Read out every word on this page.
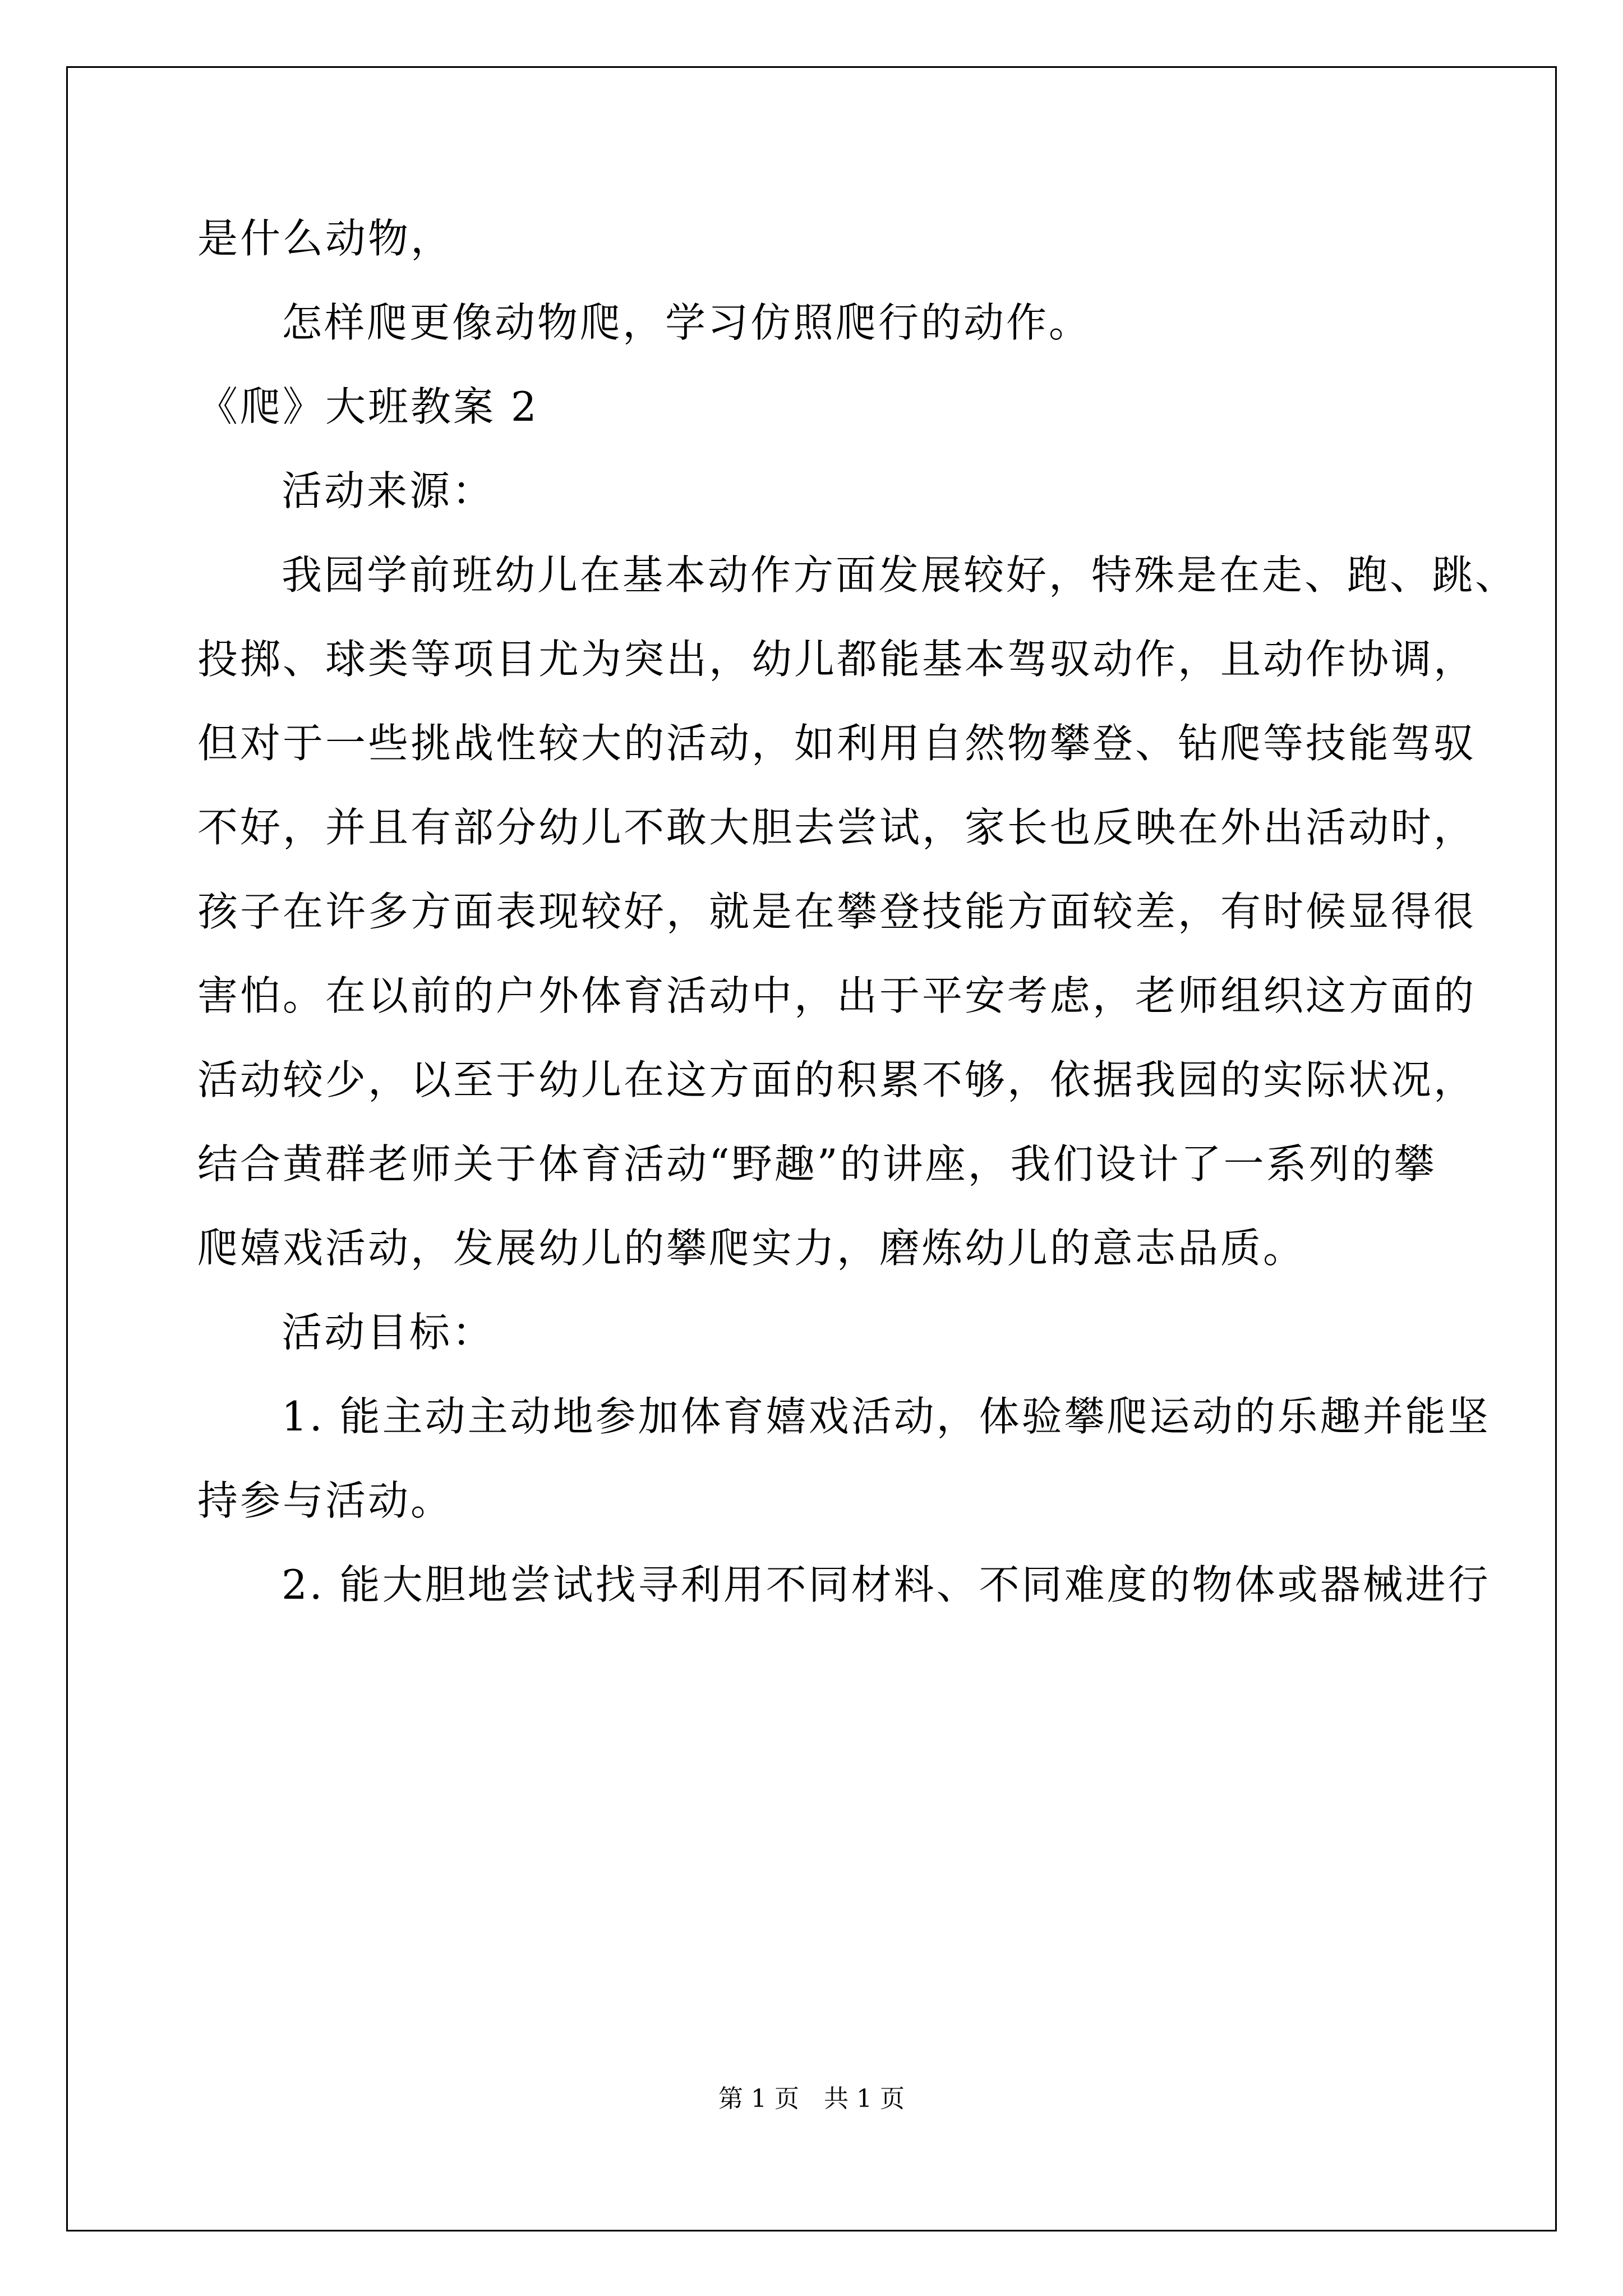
是什么动物，
怎样爬更像动物爬，学习仿照爬行的动作。
《爬》大班教案 2
活动来源：
我园学前班幼儿在基本动作方面发展较好，特殊是在走、跑、跳、
投掷、球类等项目尤为突出，幼儿都能基本驾驭动作，且动作协调，
但对于一些挑战性较大的活动，如利用自然物攀登、钻爬等技能驾驭
不好，并且有部分幼儿不敢大胆去尝试，家长也反映在外出活动时，
孩子在许多方面表现较好，就是在攀登技能方面较差，有时候显得很
害怕。在以前的户外体育活动中，出于平安考虑，老师组织这方面的
活动较少，以至于幼儿在这方面的积累不够，依据我园的实际状况，
结合黄群老师关于体育活动“野趣”的讲座，我们设计了一系列的攀
爬嬉戏活动，发展幼儿的攀爬实力，磨炼幼儿的意志品质。
活动目标：
1. 能主动主动地参加体育嬉戏活动，体验攀爬运动的乐趣并能坚
持参与活动。
2. 能大胆地尝试找寻利用不同材料、不同难度的物体或器械进行
第 1 页　共 1 页
